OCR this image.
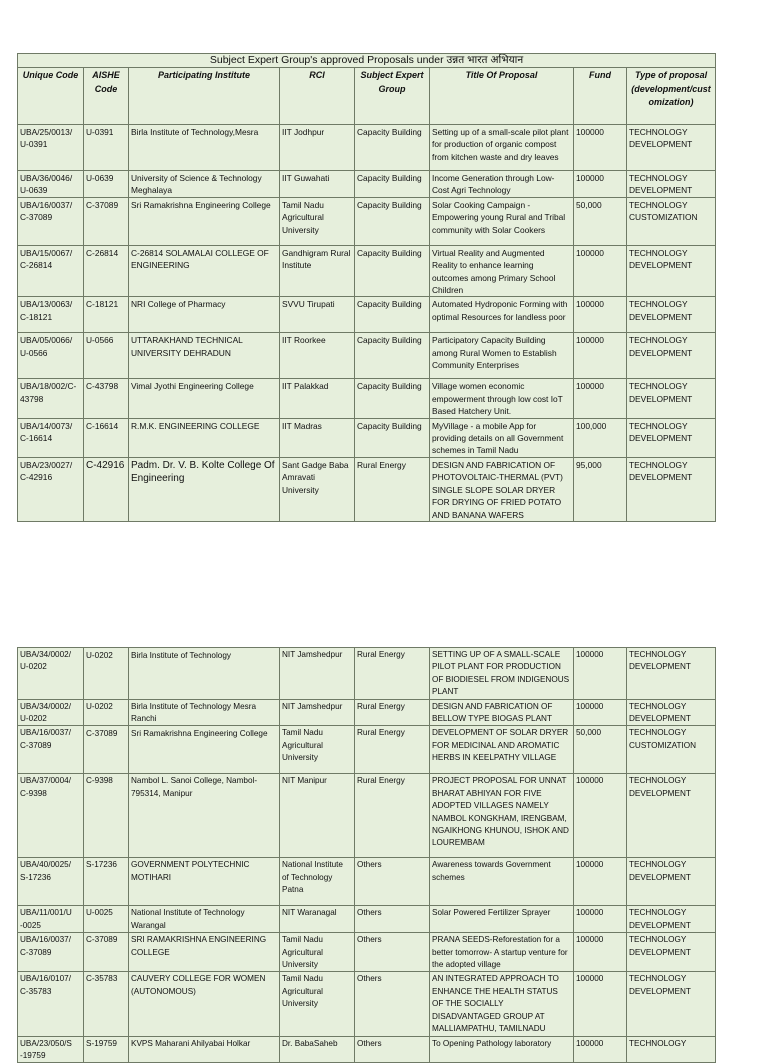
Subject Expert Group's approved Proposals under उन्नत भारत अभियान							
Unique Code	AISHE Code	Participating Institute	RCI	Subject Expert Group	Title Of Proposal	Fund	Type of proposal (development/customization)
UBA/25/0013/ U-0391	U-0391	Birla Institute of Technology,Mesra	IIT Jodhpur	Capacity Building	Setting up of a small-scale pilot plant for production of organic compost from kitchen waste and dry leaves	100000	TECHNOLOGY DEVELOPMENT
UBA/36/0046/ U-0639	U-0639	University of Science & Technology Meghalaya	IIT Guwahati	Capacity Building	Income Generation through Low-Cost Agri Technology	100000	TECHNOLOGY DEVELOPMENT
UBA/16/0037/ C-37089	C-37089	Sri Ramakrishna Engineering College	Tamil Nadu Agricultural University	Capacity Building	Solar Cooking Campaign - Empowering young Rural and Tribal community with Solar Cookers	50,000	TECHNOLOGY CUSTOMIZATION
UBA/15/0067/ C-26814	C-26814	C-26814 SOLAMALAI COLLEGE OF ENGINEERING	Gandhigram Rural Institute	Capacity Building	Virtual Reality and Augmented Reality to enhance learning outcomes among Primary School Children	100000	TECHNOLOGY DEVELOPMENT
UBA/13/0063/ C-18121	C-18121	NRI College of Pharmacy	SVVU Tirupati	Capacity Building	Automated Hydroponic Forming with optimal Resources for landless poor	100000	TECHNOLOGY DEVELOPMENT
UBA/05/0066/ U-0566	U-0566	UTTARAKHAND TECHNICAL UNIVERSITY DEHRADUN	IIT Roorkee	Capacity Building	Participatory Capacity Building among Rural Women to Establish Community Enterprises	100000	TECHNOLOGY DEVELOPMENT
UBA/18/002/C- 43798	C-43798	Vimal Jyothi Engineering College	IIT Palakkad	Capacity Building	Village women economic empowerment through low cost IoT Based Hatchery Unit.	100000	TECHNOLOGY DEVELOPMENT
UBA/14/0073/ C-16614	C-16614	R.M.K. ENGINEERING COLLEGE	IIT Madras	Capacity Building	MyVillage - a mobile App for providing details on all Government schemes in Tamil Nadu	100,000	TECHNOLOGY DEVELOPMENT
UBA/23/0027/ C-42916	C-42916	Padm. Dr. V. B. Kolte College Of Engineering	Sant Gadge Baba Amravati University	Rural Energy	DESIGN AND FABRICATION OF PHOTOVOLTAIC-THERMAL (PVT) SINGLE SLOPE SOLAR DRYER FOR DRYING OF FRIED POTATO AND BANANA WAFERS	95,000	TECHNOLOGY DEVELOPMENT
UBA/34/0002/ U-0202	U-0202	Birla Institute of Technology	NIT Jamshedpur	Rural Energy	SETTING UP OF A SMALL-SCALE PILOT PLANT FOR PRODUCTION OF BIODIESEL FROM INDIGENOUS PLANT	100000	TECHNOLOGY DEVELOPMENT
UBA/34/0002/ U-0202	U-0202	Birla Institute of Technology Mesra Ranchi	NIT Jamshedpur	Rural Energy	DESIGN AND FABRICATION OF BELLOW TYPE BIOGAS PLANT	100000	TECHNOLOGY DEVELOPMENT
UBA/16/0037/ C-37089	C-37089	Sri Ramakrishna Engineering College	Tamil Nadu Agricultural University	Rural Energy	DEVELOPMENT OF SOLAR DRYER FOR MEDICINAL AND AROMATIC HERBS IN KEELPATHY VILLAGE	50,000	TECHNOLOGY CUSTOMIZATION
UBA/37/0004/ C-9398	C-9398	Nambol L. Sanoi College, Nambol-795314, Manipur	NIT Manipur	Rural Energy	PROJECT PROPOSAL FOR UNNAT BHARAT ABHIYAN FOR FIVE ADOPTED VILLAGES NAMELY NAMBOL KONGKHAM, IRENGBAM, NGAIKHONG KHUNOU, ISHOK AND LOUREMBAM	100000	TECHNOLOGY DEVELOPMENT
UBA/40/0025/ S-17236	S-17236	GOVERNMENT POLYTECHNIC MOTIHARI	National Institute of Technology Patna	Others	Awareness towards Government schemes	100000	TECHNOLOGY DEVELOPMENT
UBA/11/001/U -0025	U-0025	National Institute of Technology Warangal	NIT Waranagal	Others	Solar Powered Fertilizer Sprayer	100000	TECHNOLOGY DEVELOPMENT
UBA/16/0037/ C-37089	C-37089	SRI RAMAKRISHNA ENGINEERING COLLEGE	Tamil Nadu Agricultural University	Others	PRANA SEEDS-Reforestation for a better tomorrow- A startup venture for the adopted village	100000	TECHNOLOGY DEVELOPMENT
UBA/16/0107/ C-35783	C-35783	CAUVERY COLLEGE FOR WOMEN (AUTONOMOUS)	Tamil Nadu Agricultural University	Others	AN INTEGRATED APPROACH TO ENHANCE THE HEALTH STATUS OF THE SOCIALLY DISADVANTAGED GROUP AT MALLIAMPATHU, TAMILNADU	100000	TECHNOLOGY DEVELOPMENT
UBA/23/050/S -19759	S-19759	KVPS Maharani Ahilyabai Holkar	Dr. BabaSaheb	Others	To Opening Pathology laboratory	100000	TECHNOLOGY
